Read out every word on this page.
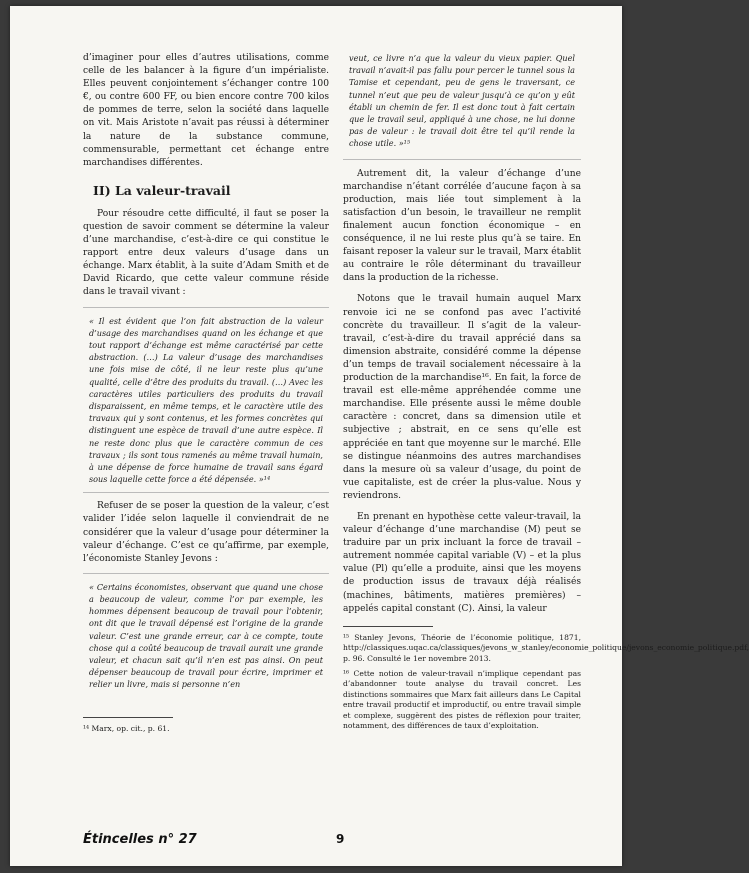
d’imaginer pour elles d’autres utilisations, comme celle de les balancer à la figure d’un impérialiste. Elles peuvent conjointement s’échanger contre 100 €, ou contre 600 FF, ou bien encore contre 700 kilos de pommes de terre, selon la société dans laquelle on vit. Mais Aristote n’avait pas réussi à déterminer la nature de la substance commune, commensurable, permettant cet échange entre marchandises différentes.

II) La valeur-travail

Pour résoudre cette difficulté, il faut se poser la question de savoir comment se détermine la valeur d’une marchandise, c’est-à-dire ce qui constitue le rapport entre deux valeurs d’usage dans un échange. Marx établit, à la suite d’Adam Smith et de David Ricardo, que cette valeur commune réside dans le travail vivant :

« Il est évident que l’on fait abstraction de la valeur d’usage des marchandises quand on les échange et que tout rapport d’échange est même caractérisé par cette abstraction. (…) La valeur d’usage des marchandises une fois mise de côté, il ne leur reste plus qu’une qualité, celle d’être des produits du travail. (…) Avec les caractères utiles particuliers des produits du travail disparaissent, en même temps, et le caractère utile des travaux qui y sont contenus, et les formes concrètes qui distinguent une espèce de travail d’une autre espèce. Il ne reste donc plus que le caractère commun de ces travaux ; ils sont tous ramenés au même travail humain, à une dépense de force humaine de travail sans égard sous laquelle cette force a été dépensée. »¹⁴

Refuser de se poser la question de la valeur, c’est valider l’idée selon laquelle il conviendrait de ne considérer que la valeur d’usage pour déterminer la valeur d’échange. C’est ce qu’affirme, par exemple, l’économiste Stanley Jevons :

« Certains économistes, observant que quand une chose a beaucoup de valeur, comme l’or par exemple, les hommes dépensent beaucoup de travail pour l’obtenir, ont dit que le travail dépensé est l’origine de la grande valeur. C’est une grande erreur, car à ce compte, toute chose qui a coûté beaucoup de travail aurait une grande valeur, et chacun sait qu’il n’en est pas ainsi. On peut dépenser beaucoup de travail pour écrire, imprimer et relier un livre, mais si personne n’en

¹⁴ Marx, op. cit., p. 61.

veut, ce livre n’a que la valeur du vieux papier. Quel travail n’avait-il pas fallu pour percer le tunnel sous la Tamise et cependant, peu de gens le traversant, ce tunnel n’eut que peu de valeur jusqu’à ce qu’on y eût établi un chemin de fer. Il est donc tout à fait certain que le travail seul, appliqué à une chose, ne lui donne pas de valeur : le travail doit être tel qu’il rende la chose utile. »¹⁵

Autrement dit, la valeur d’échange d’une marchandise n’étant corrélée d’aucune façon à sa production, mais liée tout simplement à la satisfaction d’un besoin, le travailleur ne remplit finalement aucun fonction économique – en conséquence, il ne lui reste plus qu’à se taire. En faisant reposer la valeur sur le travail, Marx établit au contraire le rôle déterminant du travailleur dans la production de la richesse.

Notons que le travail humain auquel Marx renvoie ici ne se confond pas avec l’activité concrète du travailleur. Il s’agit de la valeur-travail, c’est-à-dire du travail apprécié dans sa dimension abstraite, considéré comme la dépense d’un temps de travail socialement nécessaire à la production de la marchandise¹⁶. En fait, la force de travail est elle-même appréhendée comme une marchandise. Elle présente aussi le même double caractère : concret, dans sa dimension utile et subjective ; abstrait, en ce sens qu’elle est appréciée en tant que moyenne sur le marché. Elle se distingue néanmoins des autres marchandises dans la mesure où sa valeur d’usage, du point de vue capitaliste, est de créer la plus-value. Nous y reviendrons.

En prenant en hypothèse cette valeur-travail, la valeur d’échange d’une marchandise (M) peut se traduire par un prix incluant la force de travail – autrement nommée capital variable (V) – et la plus value (Pl) qu’elle a produite, ainsi que les moyens de production issus de travaux déjà réalisés (machines, bâtiments, matières premières) – appelés capital constant (C). Ainsi, la valeur

¹⁵ Stanley Jevons, Théorie de l’économie politique, 1871, http://classiques.uqac.ca/classiques/jevons_w_stanley/economie_politique/jevons_economie_politique.pdf, p. 96. Consulté le 1er novembre 2013.

¹⁶ Cette notion de valeur-travail n’implique cependant pas d’abandonner toute analyse du travail concret. Les distinctions sommaires que Marx fait ailleurs dans Le Capital entre travail productif et improductif, ou entre travail simple et complexe, suggèrent des pistes de réflexion pour traiter, notamment, des différences de taux d’exploitation.

Étincelles n° 27	9
